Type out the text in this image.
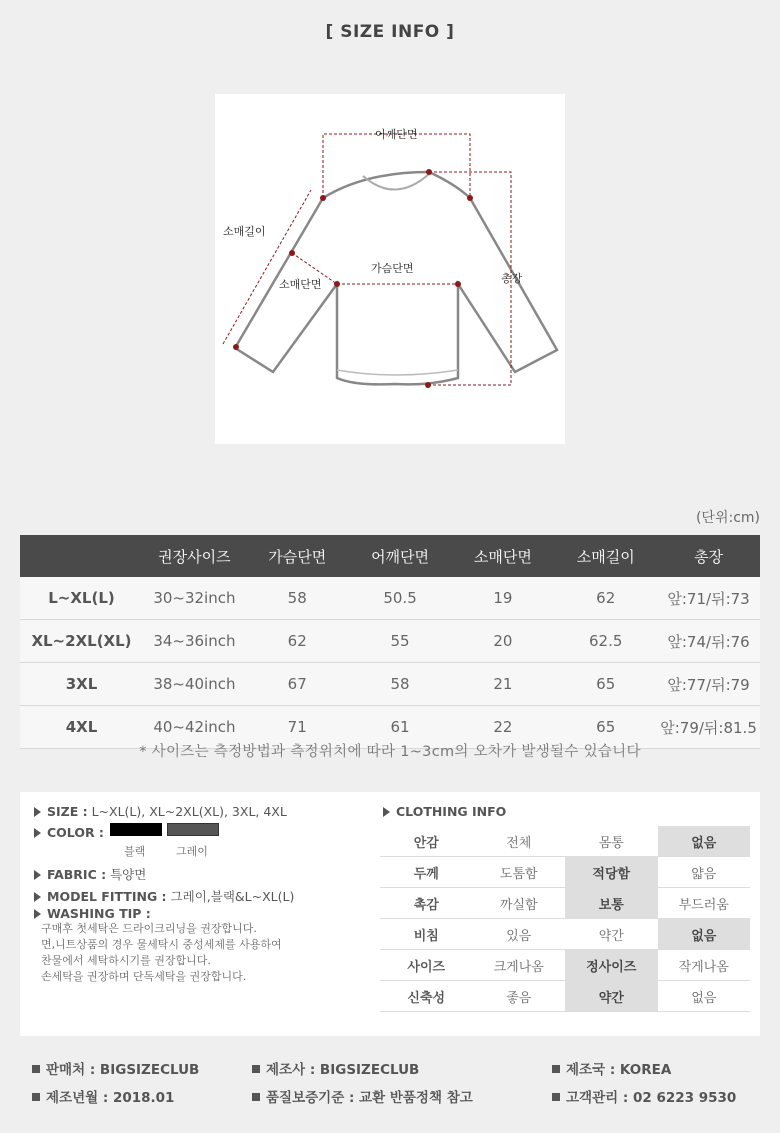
[ SIZE INFO ]
어깨단면
소매길이
가슴단면
소매단면	총장
(단위:cm)
	권장사이즈	가슴단면	어깨단면	소매단면	소매길이	총장
L~XL(L)	30~32inch	58	50.5	19	62	앞:71/뒤:73
XL~2XL(XL)	34~36inch	62	55	20	62.5	앞:74/뒤:76
3XL	38~40inch	67	58	21	65	앞:77/뒤:79
4XL	40~42inch	71	61	22	65	앞:79/뒤:81.5
* 사이즈는 측정방법과 측정위치에 따라 1~3cm의 오차가 발생될수 있습니다
SIZE : L~XL(L), XL~2XL(XL), 3XL, 4XL
COLOR :
블랙	그레이
FABRIC : 특양면
MODEL FITTING : 그레이,블랙&L~XL(L)
WASHING TIP :
구매후 첫세탁은 드라이크리닝을 권장합니다.
면,니트상품의 경우 물세탁시 중성세제를 사용하여
찬물에서 세탁하시기를 권장합니다.
손세탁을 권장하며 단독세탁을 권장합니다.
CLOTHING INFO
안감	전체	몸통	없음
두께	도톰함	적당함	얇음
촉감	까실함	보통	부드러움
비침	있음	약간	없음
사이즈	크게나옴	정사이즈	작게나옴
신축성	좋음	약간	없음
판매처 : BIGSIZECLUB	제조사 : BIGSIZECLUB	제조국 : KOREA
제조년월 : 2018.01	품질보증기준 : 교환 반품정책 참고	고객관리 : 02 6223 9530
